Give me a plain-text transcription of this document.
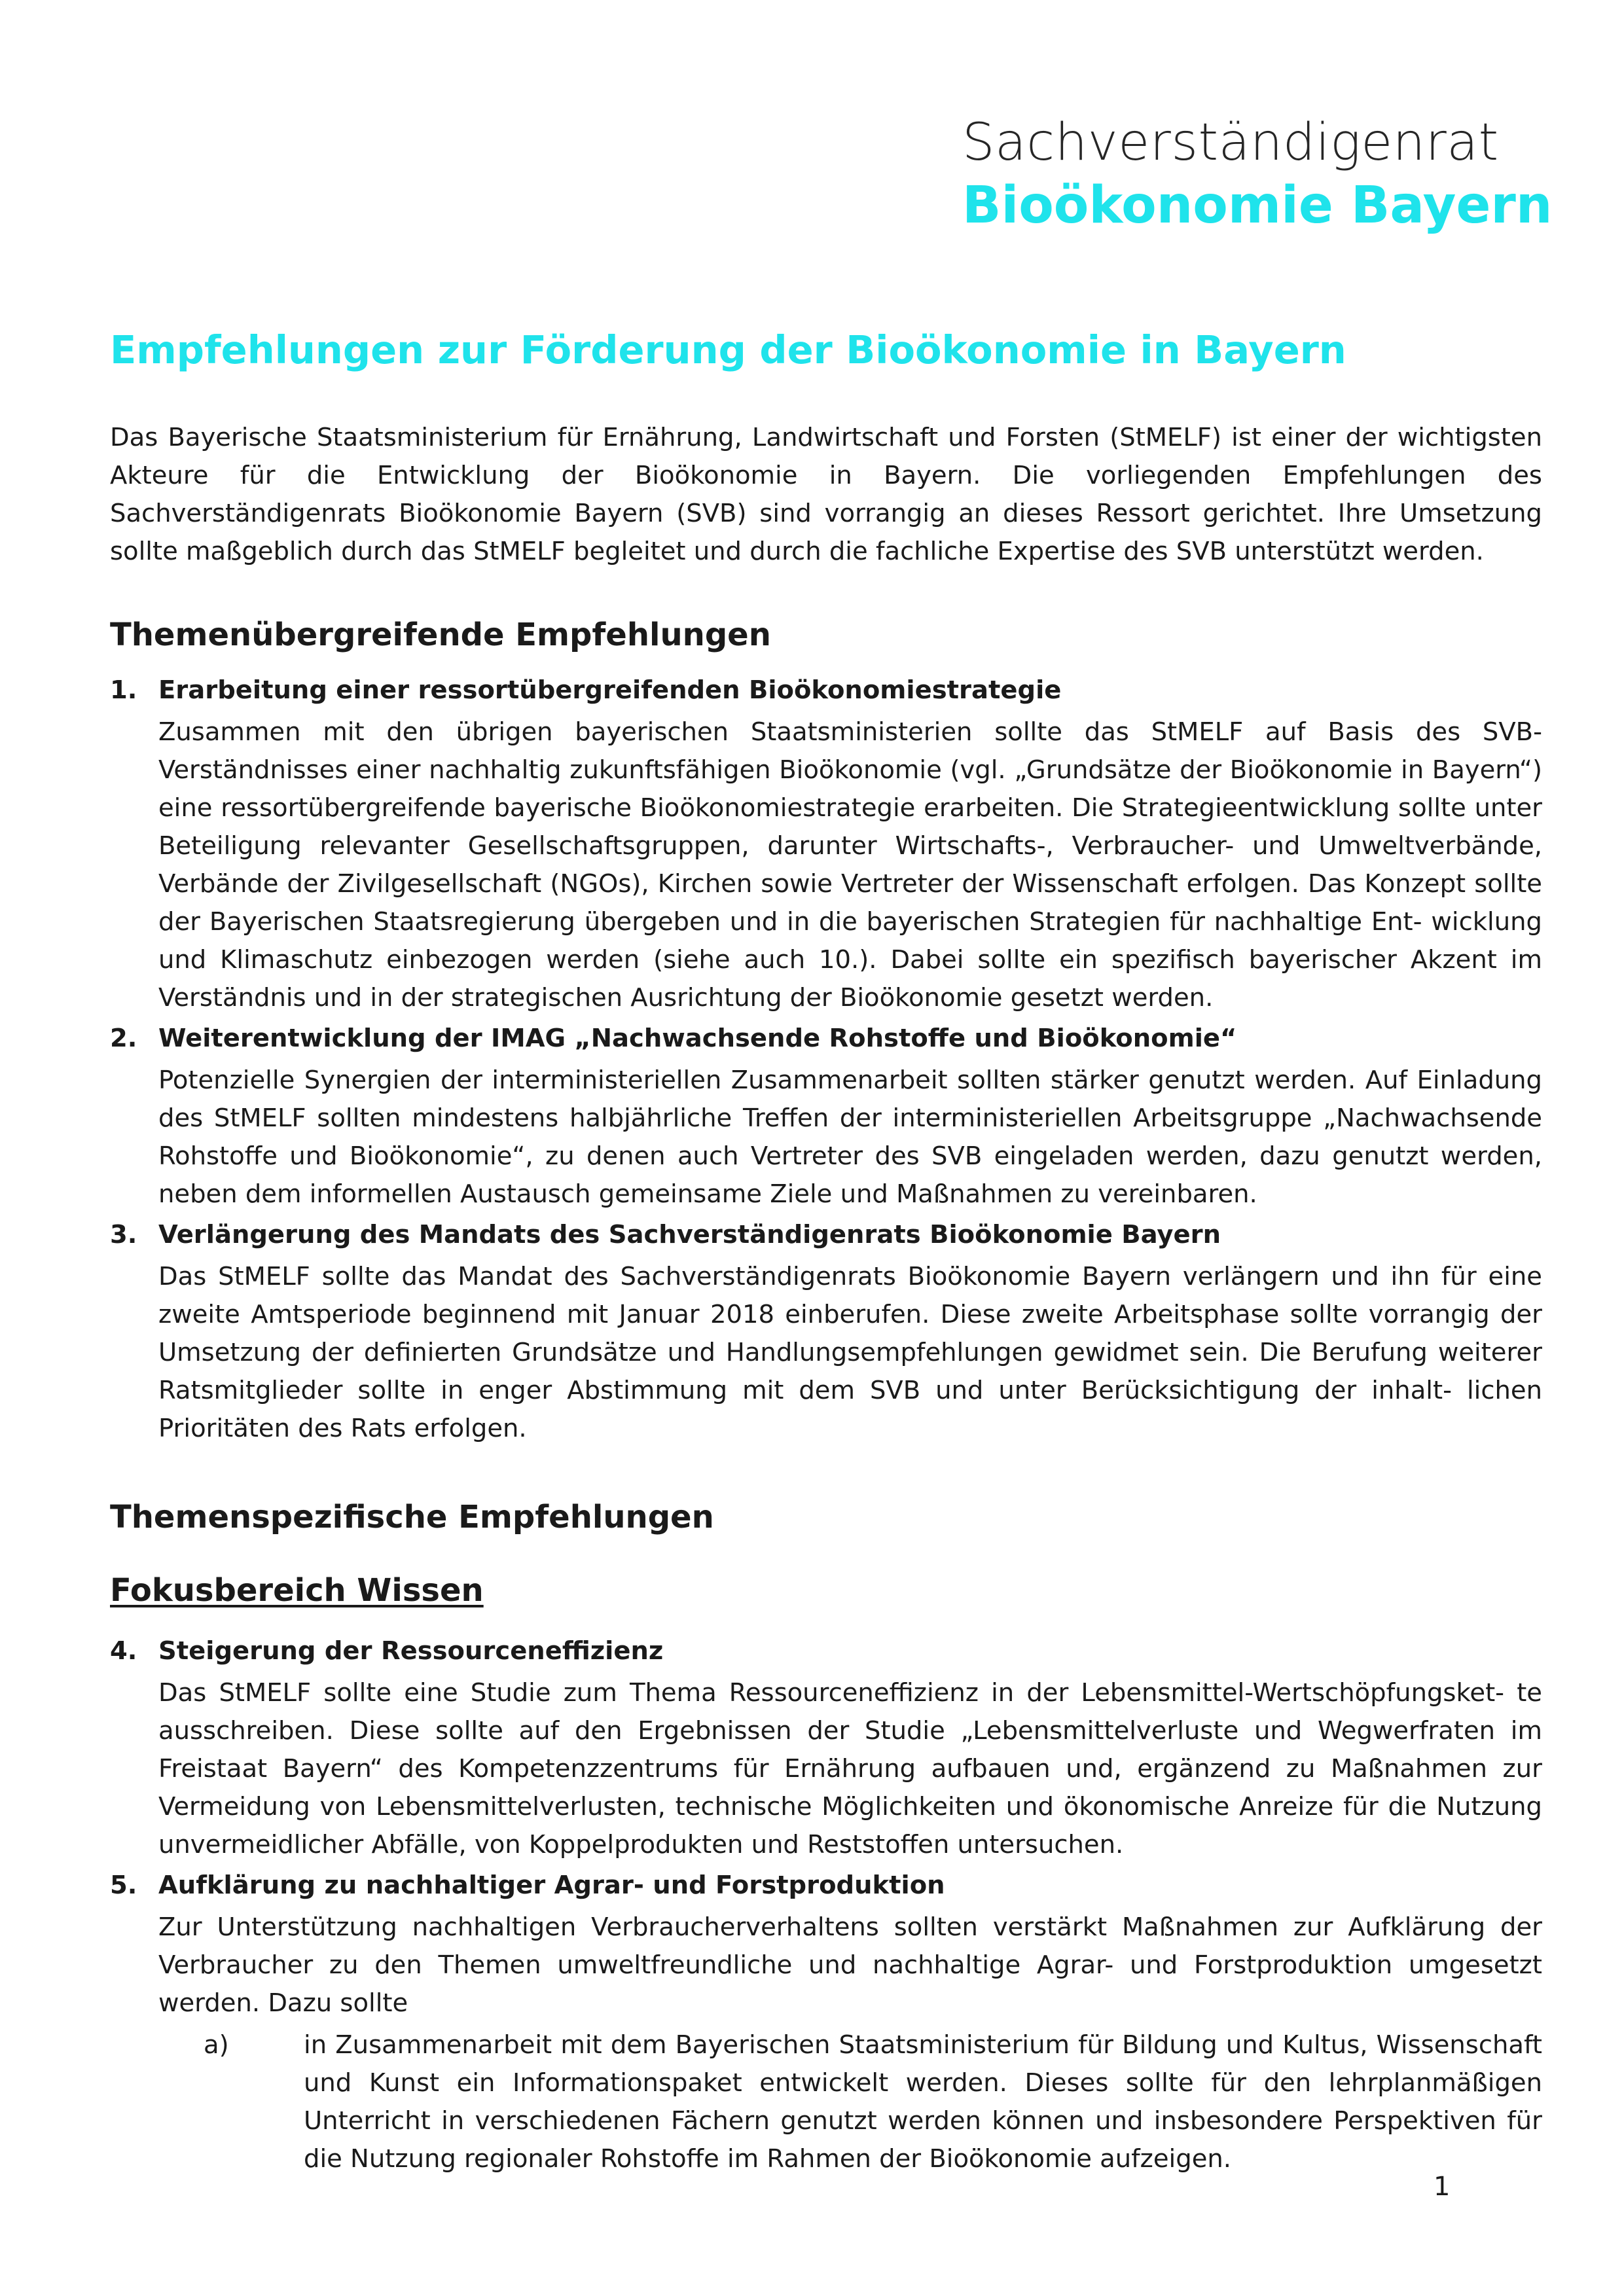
Sachverständigenrat
Bioökonomie Bayern
Empfehlungen zur Förderung der Bioökonomie in Bayern

Das Bayerische Staatsministerium für Ernährung, Landwirtschaft und Forsten (StMELF) ist einer der wichtigsten Akteure für die Entwicklung der Bioökonomie in Bayern. Die vorliegenden Empfehlungen des Sachverständigenrats Bioökonomie Bayern (SVB) sind vorrangig an dieses Ressort gerichtet. Ihre Umsetzung sollte maßgeblich durch das StMELF begleitet und durch die fachliche Expertise des SVB unterstützt werden.

Themenübergreifende Empfehlungen
1. Erarbeitung einer ressortübergreifenden Bioökonomiestrategie
Zusammen mit den übrigen bayerischen Staatsministerien sollte das StMELF auf Basis des SVB-Verständnisses einer nachhaltig zukunftsfähigen Bioökonomie (vgl. „Grundsätze der Bioökonomie in Bayern“) eine ressortübergreifende bayerische Bioökonomiestrategie erarbeiten. Die Strategieentwicklung sollte unter Beteiligung relevanter Gesellschaftsgruppen, darunter Wirtschafts-, Verbraucher- und Umweltverbände, Verbände der Zivilgesellschaft (NGOs), Kirchen sowie Vertreter der Wissenschaft erfolgen. Das Konzept sollte der Bayerischen Staatsregierung übergeben und in die bayerischen Strategien für nachhaltige Ent- wicklung und Klimaschutz einbezogen werden (siehe auch 10.). Dabei sollte ein spezifisch bayerischer Akzent im Verständnis und in der strategischen Ausrichtung der Bioökonomie gesetzt werden.
2. Weiterentwicklung der IMAG „Nachwachsende Rohstoffe und Bioökonomie“
Potenzielle Synergien der interministeriellen Zusammenarbeit sollten stärker genutzt werden. Auf Einladung des StMELF sollten mindestens halbjährliche Treffen der interministeriellen Arbeitsgruppe „Nachwachsende Rohstoffe und Bioökonomie“, zu denen auch Vertreter des SVB eingeladen werden, dazu genutzt werden, neben dem informellen Austausch gemeinsame Ziele und Maßnahmen zu vereinbaren.
3. Verlängerung des Mandats des Sachverständigenrats Bioökonomie Bayern
Das StMELF sollte das Mandat des Sachverständigenrats Bioökonomie Bayern verlängern und ihn für eine zweite Amtsperiode beginnend mit Januar 2018 einberufen. Diese zweite Arbeitsphase sollte vorrangig der Umsetzung der definierten Grundsätze und Handlungsempfehlungen gewidmet sein. Die Berufung weiterer Ratsmitglieder sollte in enger Abstimmung mit dem SVB und unter Berücksichtigung der inhalt- lichen Prioritäten des Rats erfolgen.
Themenspezifische Empfehlungen
Fokusbereich Wissen
4. Steigerung der Ressourceneffizienz
Das StMELF sollte eine Studie zum Thema Ressourceneffizienz in der Lebensmittel-Wertschöpfungsket- te ausschreiben. Diese sollte auf den Ergebnissen der Studie „Lebensmittelverluste und Wegwerfraten im Freistaat Bayern“ des Kompetenzzentrums für Ernährung aufbauen und, ergänzend zu Maßnahmen zur Vermeidung von Lebensmittelverlusten, technische Möglichkeiten und ökonomische Anreize für die Nutzung unvermeidlicher Abfälle, von Koppelprodukten und Reststoffen untersuchen.
5. Aufklärung zu nachhaltiger Agrar- und Forstproduktion
Zur Unterstützung nachhaltigen Verbraucherverhaltens sollten verstärkt Maßnahmen zur Aufklärung der Verbraucher zu den Themen umweltfreundliche und nachhaltige Agrar- und Forstproduktion umgesetzt werden. Dazu sollte
a)	in Zusammenarbeit mit dem Bayerischen Staatsministerium für Bildung und Kultus, Wissenschaft und Kunst ein Informationspaket entwickelt werden. Dieses sollte für den lehrplanmäßigen Unterricht in verschiedenen Fächern genutzt werden können und insbesondere Perspektiven für die Nutzung regionaler Rohstoffe im Rahmen der Bioökonomie aufzeigen.
1
